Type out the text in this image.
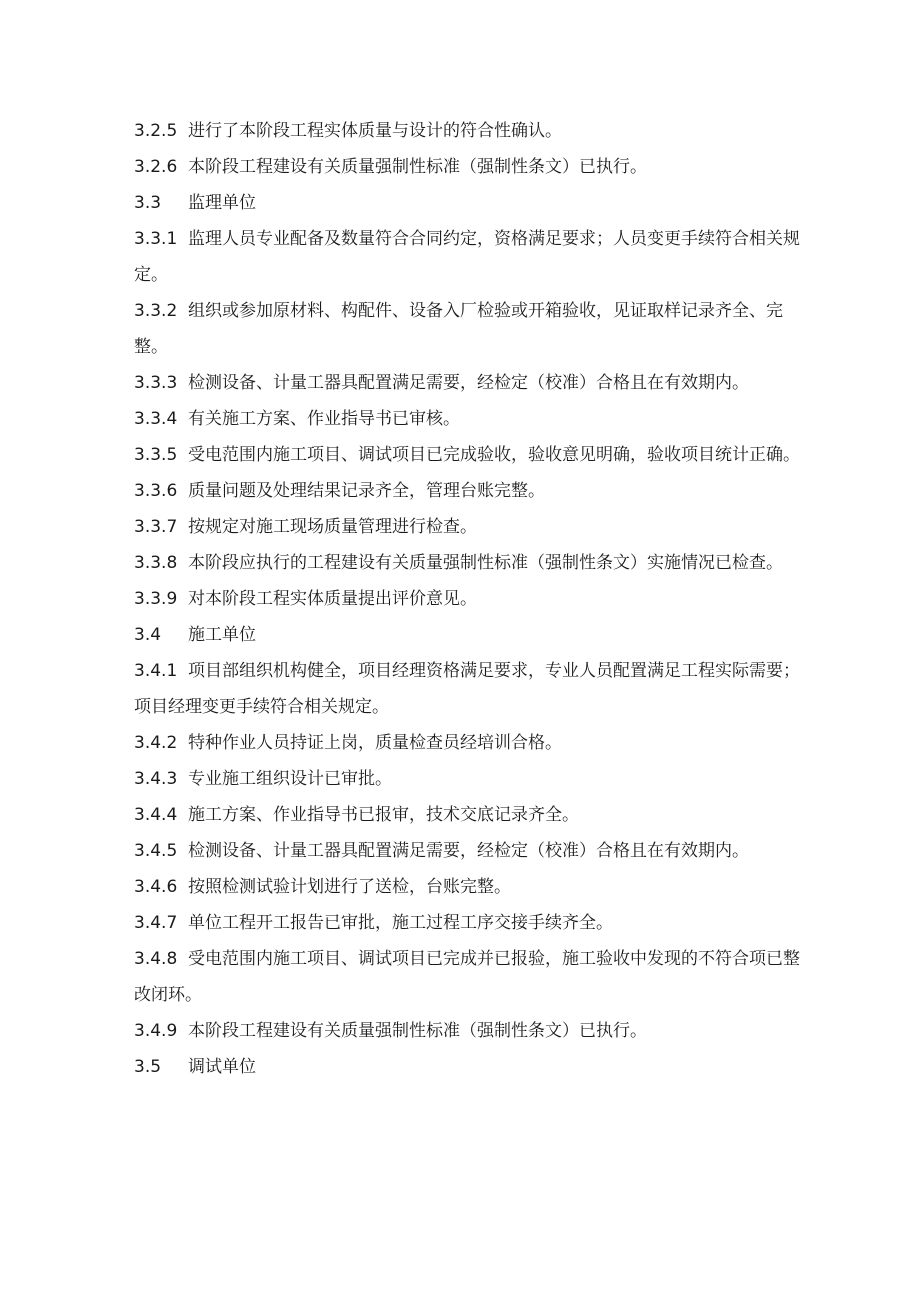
3.2.5 进行了本阶段工程实体质量与设计的符合性确认。
3.2.6 本阶段工程建设有关质量强制性标准（强制性条文）已执行。
3.3 监理单位
3.3.1 监理人员专业配备及数量符合合同约定，资格满足要求；人员变更手续符合相关规定。
3.3.2 组织或参加原材料、构配件、设备入厂检验或开箱验收，见证取样记录齐全、完整。
3.3.3 检测设备、计量工器具配置满足需要，经检定（校准）合格且在有效期内。
3.3.4 有关施工方案、作业指导书已审核。
3.3.5 受电范围内施工项目、调试项目已完成验收，验收意见明确，验收项目统计正确。
3.3.6 质量问题及处理结果记录齐全，管理台账完整。
3.3.7 按规定对施工现场质量管理进行检查。
3.3.8 本阶段应执行的工程建设有关质量强制性标准（强制性条文）实施情况已检查。
3.3.9 对本阶段工程实体质量提出评价意见。
3.4 施工单位
3.4.1 项目部组织机构健全，项目经理资格满足要求，专业人员配置满足工程实际需要；项目经理变更手续符合相关规定。
3.4.2 特种作业人员持证上岗，质量检查员经培训合格。
3.4.3 专业施工组织设计已审批。
3.4.4 施工方案、作业指导书已报审，技术交底记录齐全。
3.4.5 检测设备、计量工器具配置满足需要，经检定（校准）合格且在有效期内。
3.4.6 按照检测试验计划进行了送检，台账完整。
3.4.7 单位工程开工报告已审批，施工过程工序交接手续齐全。
3.4.8 受电范围内施工项目、调试项目已完成并已报验，施工验收中发现的不符合项已整改闭环。
3.4.9 本阶段工程建设有关质量强制性标准（强制性条文）已执行。
3.5 调试单位
